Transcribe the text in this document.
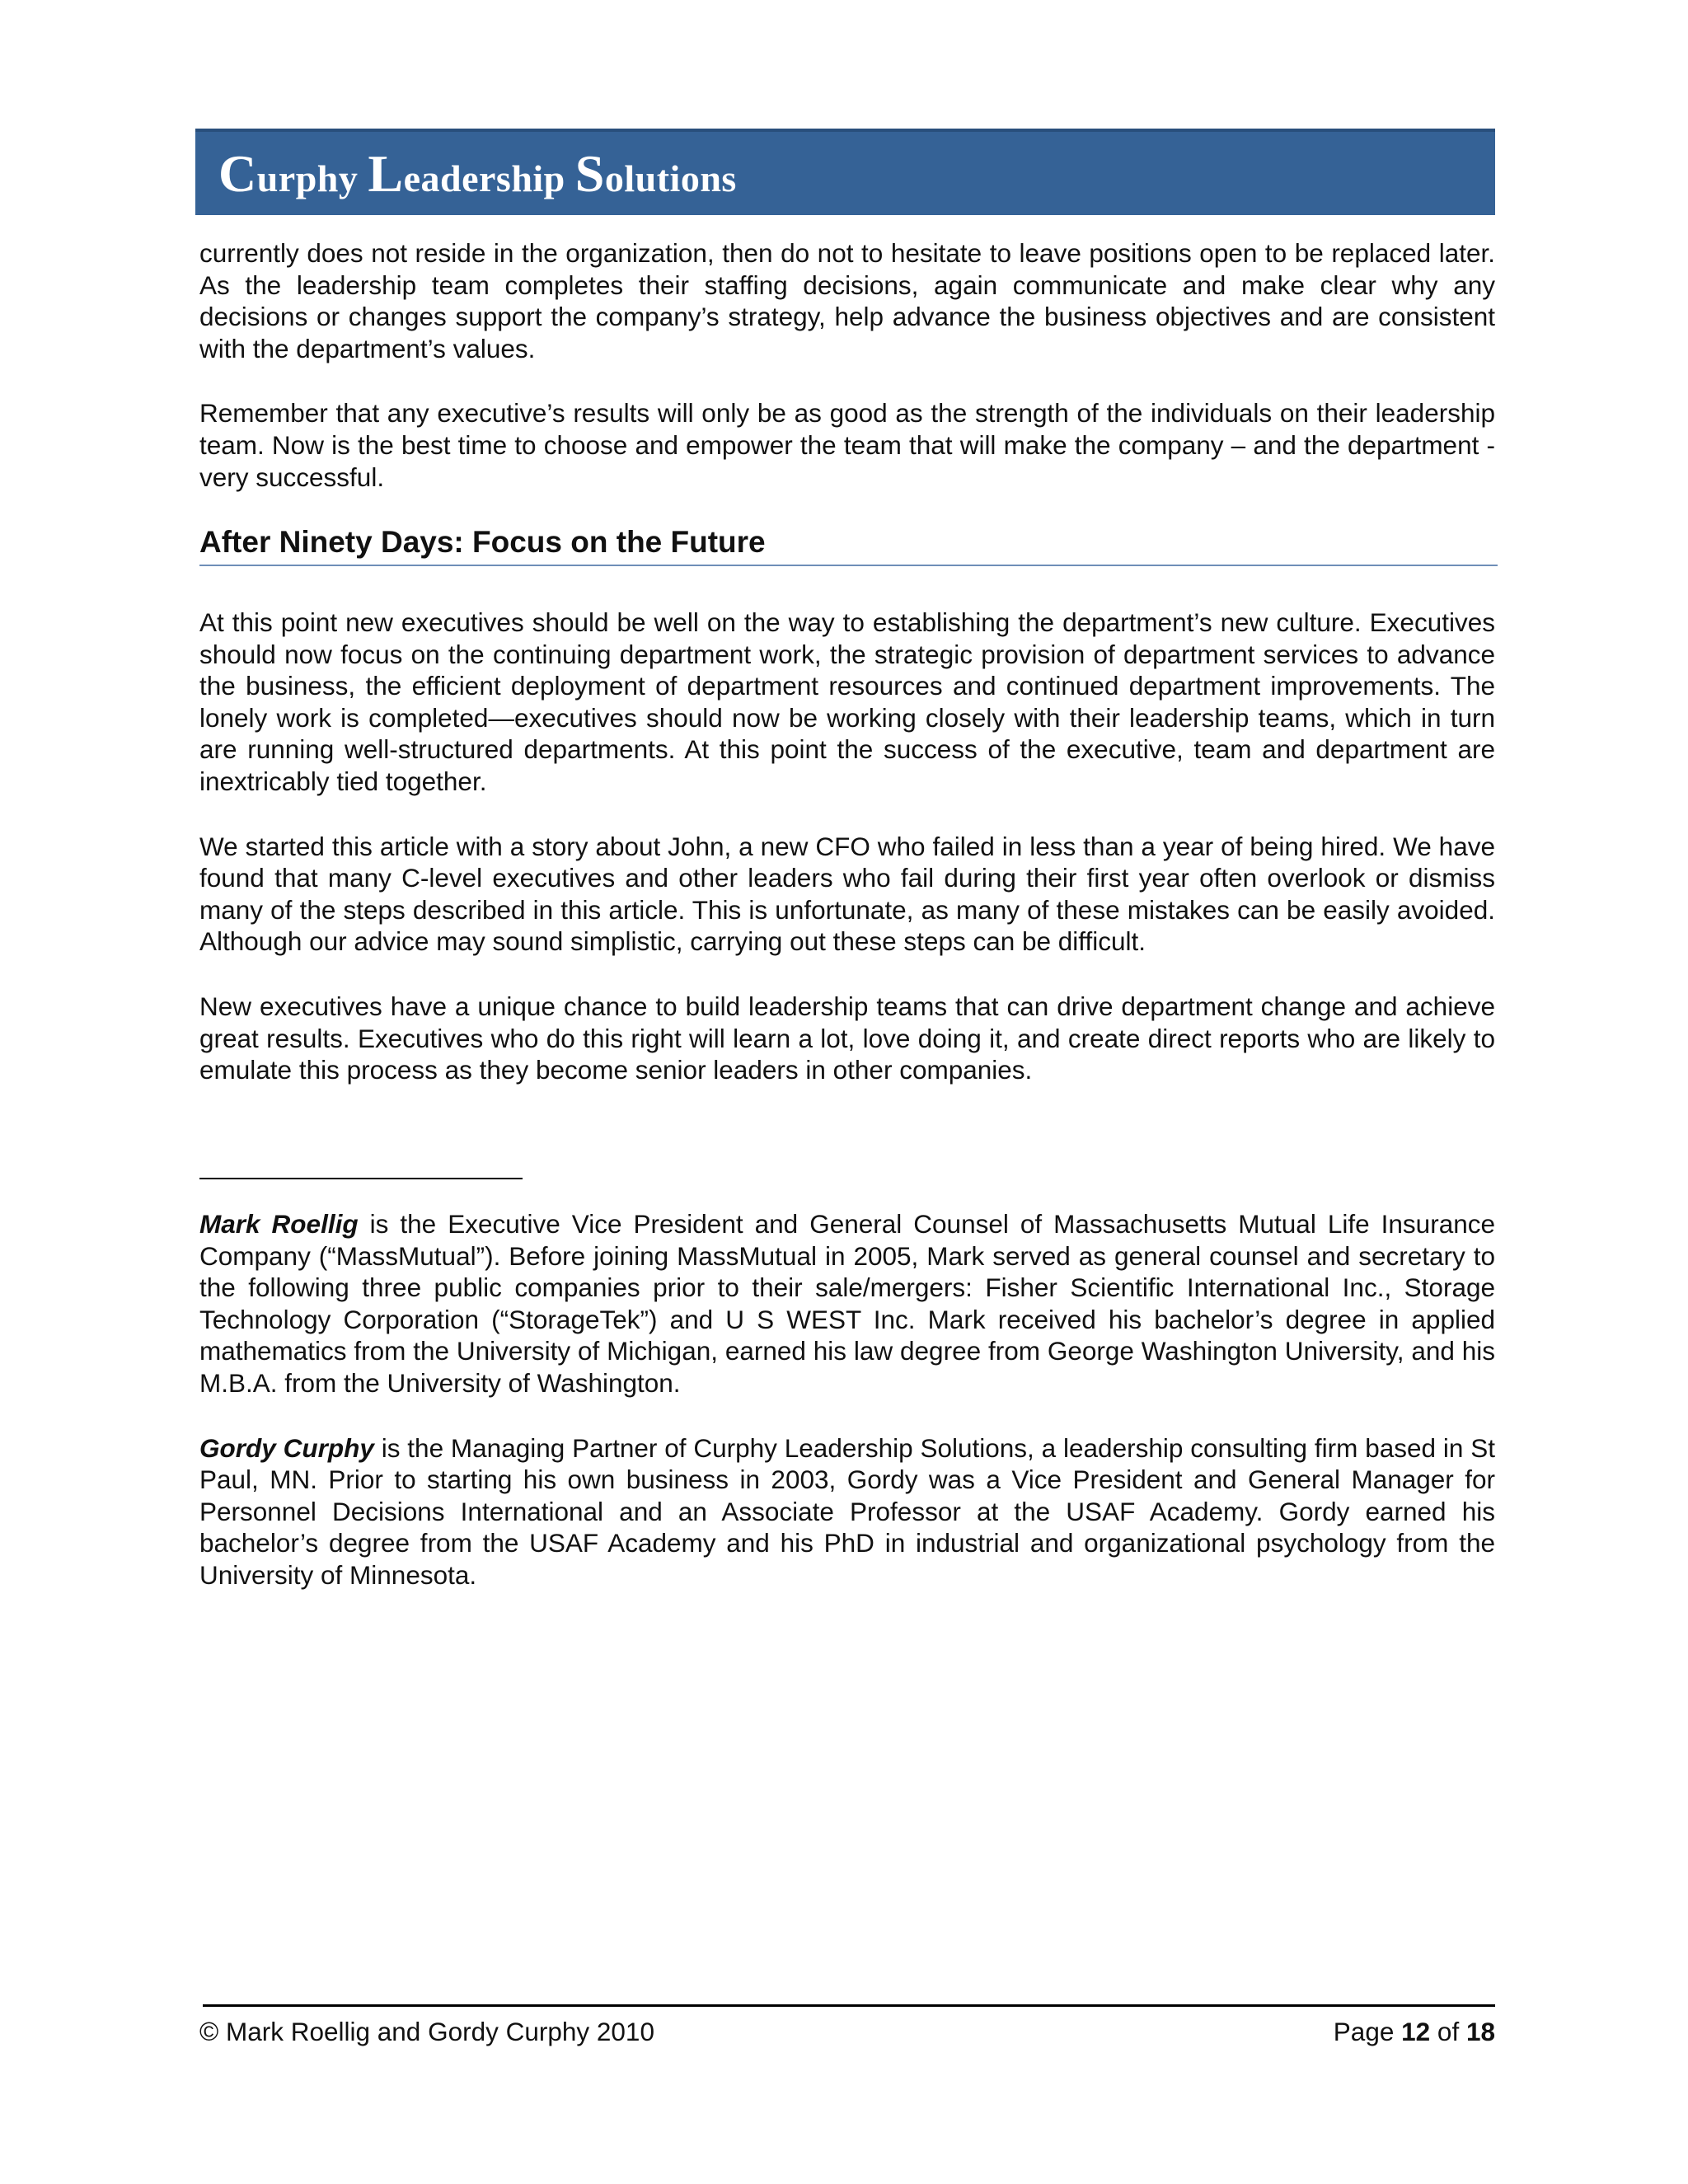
Curphy Leadership Solutions

currently does not reside in the organization, then do not to hesitate to leave positions open to be replaced later. As the leadership team completes their staffing decisions, again communicate and make clear why any decisions or changes support the company’s strategy, help advance the business objectives and are consistent with the department’s values.

Remember that any executive’s results will only be as good as the strength of the individuals on their leadership team. Now is the best time to choose and empower the team that will make the company – and the department - very successful.

After Ninety Days: Focus on the Future

At this point new executives should be well on the way to establishing the department’s new culture. Executives should now focus on the continuing department work, the strategic provision of department services to advance the business, the efficient deployment of department resources and continued department improvements. The lonely work is completed—executives should now be working closely with their leadership teams, which in turn are running well-structured departments. At this point the success of the executive, team and department are inextricably tied together.

We started this article with a story about John, a new CFO who failed in less than a year of being hired. We have found that many C-level executives and other leaders who fail during their first year often overlook or dismiss many of the steps described in this article. This is unfortunate, as many of these mistakes can be easily avoided. Although our advice may sound simplistic, carrying out these steps can be difficult.

New executives have a unique chance to build leadership teams that can drive department change and achieve great results. Executives who do this right will learn a lot, love doing it, and create direct reports who are likely to emulate this process as they become senior leaders in other companies.

Mark Roellig is the Executive Vice President and General Counsel of Massachusetts Mutual Life Insurance Company (“MassMutual”). Before joining MassMutual in 2005, Mark served as general counsel and secretary to the following three public companies prior to their sale/mergers: Fisher Scientific International Inc., Storage Technology Corporation (“StorageTek”) and U S WEST Inc. Mark received his bachelor’s degree in applied mathematics from the University of Michigan, earned his law degree from George Washington University, and his M.B.A. from the University of Washington.

Gordy Curphy is the Managing Partner of Curphy Leadership Solutions, a leadership consulting firm based in St Paul, MN. Prior to starting his own business in 2003, Gordy was a Vice President and General Manager for Personnel Decisions International and an Associate Professor at the USAF Academy. Gordy earned his bachelor’s degree from the USAF Academy and his PhD in industrial and organizational psychology from the University of Minnesota.

© Mark Roellig and Gordy Curphy 2010	Page 12 of 18
